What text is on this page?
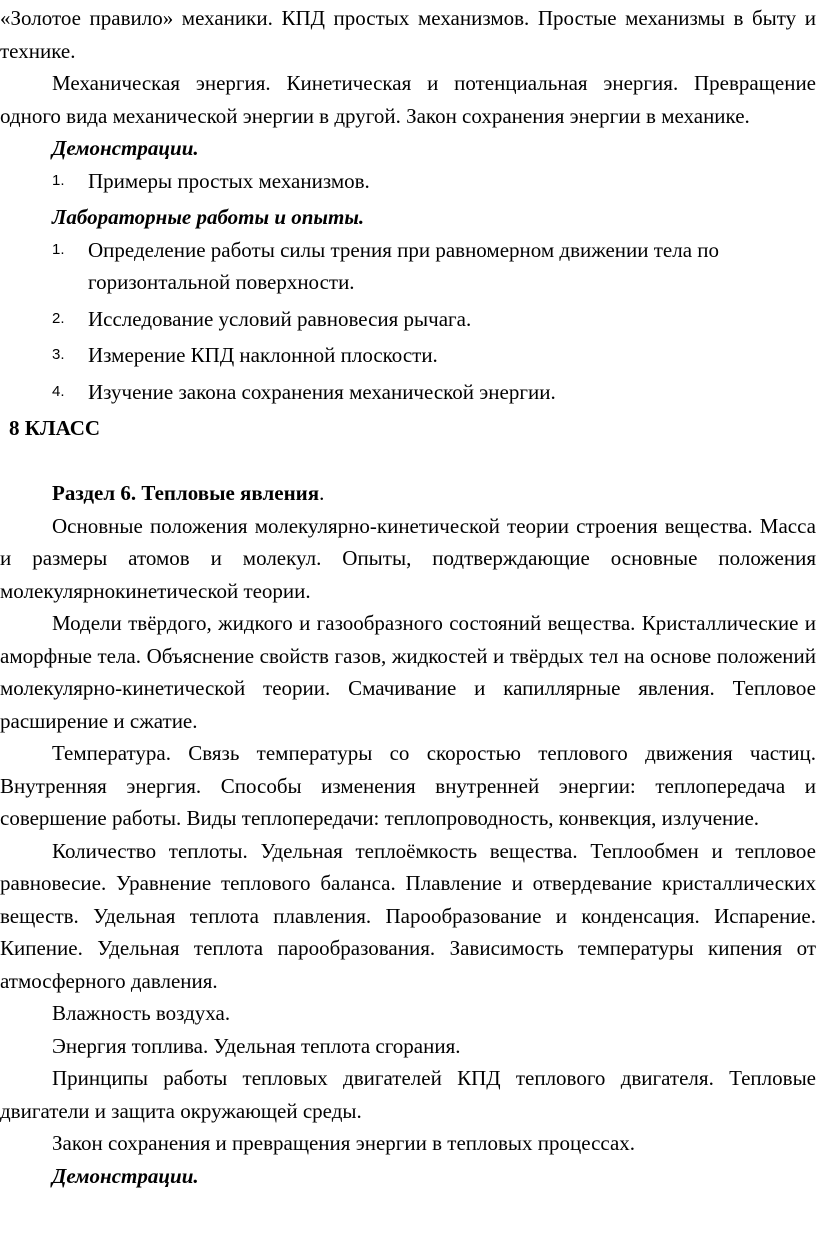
«Золотое правило» механики. КПД простых механизмов. Простые механизмы в быту и технике.

Механическая энергия. Кинетическая и потенциальная энергия. Превращение одного вида механической энергии в другой. Закон сохранения энергии в механике.

Демонстрации.
1. Примеры простых механизмов.
Лабораторные работы и опыты.
1. Определение работы силы трения при равномерном движении тела по горизонтальной поверхности.
2. Исследование условий равновесия рычага.
3. Измерение КПД наклонной плоскости.
4. Изучение закона сохранения механической энергии.
8 КЛАСС
Раздел 6. Тепловые явления.

Основные положения молекулярно-кинетической теории строения вещества. Масса и размеры атомов и молекул. Опыты, подтверждающие основные положения молекулярнокинетической теории.

Модели твёрдого, жидкого и газообразного состояний вещества. Кристаллические и аморфные тела. Объяснение свойств газов, жидкостей и твёрдых тел на основе положений молекулярно-кинетической теории. Смачивание и капиллярные явления. Тепловое расширение и сжатие.

Температура. Связь температуры со скоростью теплового движения частиц. Внутренняя энергия. Способы изменения внутренней энергии: теплопередача и совершение работы. Виды теплопередачи: теплопроводность, конвекция, излучение.

Количество теплоты. Удельная теплоёмкость вещества. Теплообмен и тепловое равновесие. Уравнение теплового баланса. Плавление и отвердевание кристаллических веществ. Удельная теплота плавления. Парообразование и конденсация. Испарение. Кипение. Удельная теплота парообразования. Зависимость температуры кипения от атмосферного давления.

Влажность воздуха.

Энергия топлива. Удельная теплота сгорания.

Принципы работы тепловых двигателей КПД теплового двигателя. Тепловые двигатели и защита окружающей среды.

Закон сохранения и превращения энергии в тепловых процессах.

Демонстрации.
